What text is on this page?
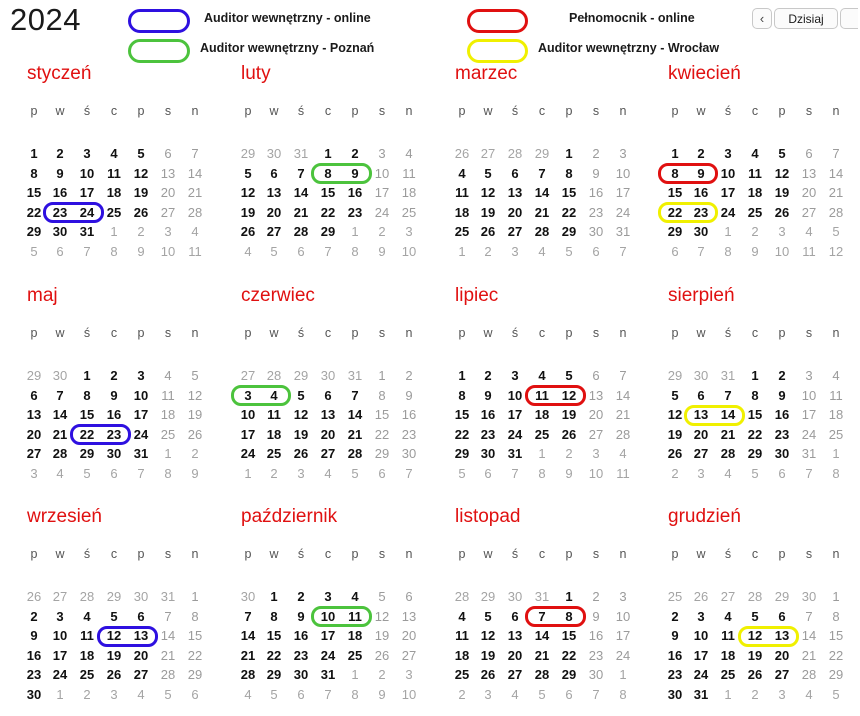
2024	Auditor wewnętrzny - online
Auditor wewnętrzny - Poznań
Pełnomocnik - online
Auditor wewnętrzny - Wrocław
‹	Dzisiaj
styczeń
p	w	ś	c	p	s	n
1	2	3	4	5	6	7
8	9	10 11 12 13 14
15 16 17 18 19 20 21
22 23 24 25 26 27 28
29 30 31	1	2	3	4
5	6	7	8	9	10	11
luty
p	w	ś	c	p	s	n
29 30 31	1	2	3	4
5	6	7	8	9	10	11
12 13 14 15 16 17 18
19 20 21 22 23 24 25
26 27 28 29	1	2	3
4	5	6	7	8	9	10
marzec
p	w	ś	c	p	s	n
26 27 28 29	1	2	3
4	5	6	7	8	9	10
11 12 13 14 15 16 17
18 19 20 21 22 23 24
25 26 27 28 29 30 31
1	2	3	4	5	6	7
kwiecień
p	w	ś	c	p	s	n
1	2	3	4	5	6	7
8	9	10 11 12 13 14
15 16 17 18 19 20 21
22 23 24 25 26 27 28
29 30	1	2	3	4	5
6	7	8	9	10	11	12
maj
p	w	ś	c	p	s	n
29 30	1	2	3	4	5
6	7	8	9	10	11	12
13 14 15 16 17 18 19
20 21 22 23 24 25 26
27 28 29 30 31	1	2
3	4	5	6	7	8	9
czerwiec
p	w	ś	c	p	s	n
27 28 29 30 31	1	2
3	4	5	6	7	8	9
10 11 12 13 14 15 16
17 18 19 20 21 22 23
24 25 26 27 28 29 30
1	2	3	4	5	6	7
lipiec
p	w	ś	c	p	s	n
1	2	3	4	5	6	7
8	9	10 11 12 13 14
15 16 17 18 19 20 21
22 23 24 25 26 27 28
29 30 31	1	2	3	4
5	6	7	8	9	10	11
sierpień
p	w	ś	c	p	s	n
29 30 31	1	2	3	4
5	6	7	8	9	10	11
12 13 14 15 16 17 18
19 20 21 22 23 24 25
26 27 28 29 30 31	1
2	3	4	5	6	7	8
wrzesień
p	w	ś	c	p	s	n
26 27 28 29 30 31	1
2	3	4	5	6	7	8
9	10 11 12 13 14 15
16 17 18 19 20 21 22
23 24 25 26 27 28 29
30	1	2	3	4	5	6
październik
p	w	ś	c	p	s	n
30	1	2	3	4	5	6
7	8	9	10 11 12 13
14 15 16 17 18 19 20
21 22 23 24 25 26 27
28 29 30 31	1	2	3
4	5	6	7	8	9	10
listopad
p	w	ś	c	p	s	n
28 29 30 31	1	2	3
4	5	6	7	8	9	10
11 12 13 14 15 16 17
18 19 20 21 22 23 24
25 26 27 28 29 30	1
2	3	4	5	6	7	8
grudzień
p	w	ś	c	p	s	n
25 26 27 28 29 30	1
2	3	4	5	6	7	8
9	10 11 12 13 14 15
16 17 18 19 20 21 22
23 24 25 26 27 28 29
30 31	1	2	3	4	5
